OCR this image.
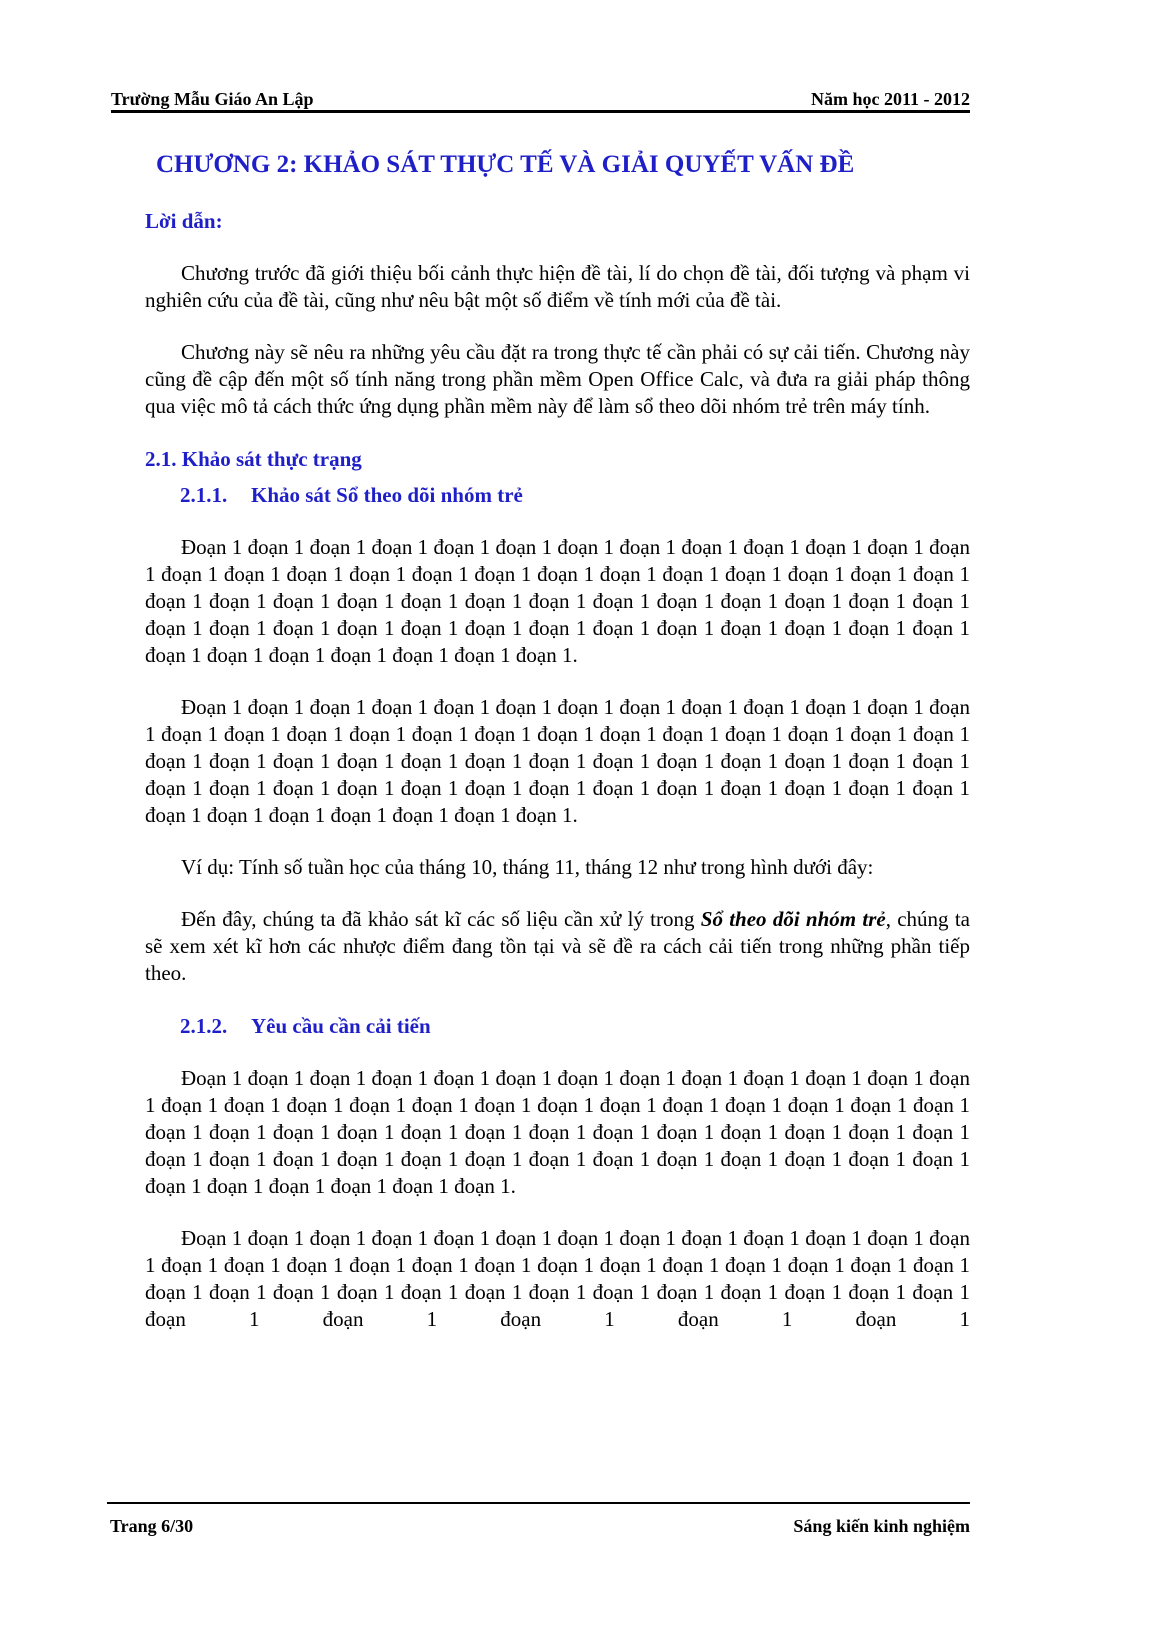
Trường Mẫu Giáo An Lập	Năm học 2011 - 2012
CHƯƠNG 2: KHẢO SÁT THỰC TẾ VÀ GIẢI QUYẾT VẤN ĐỀ
Lời dẫn:

Chương trước đã giới thiệu bối cảnh thực hiện đề tài, lí do chọn đề tài, đối tượng và phạm vi nghiên cứu của đề tài, cũng như nêu bật một số điểm về tính mới của đề tài.

Chương này sẽ nêu ra những yêu cầu đặt ra trong thực tế cần phải có sự cải tiến. Chương này cũng đề cập đến một số tính năng trong phần mềm Open Office Calc, và đưa ra giải pháp thông qua việc mô tả cách thức ứng dụng phần mềm này để làm sổ theo dõi nhóm trẻ trên máy tính.

2.1. Khảo sát thực trạng
2.1.1. Khảo sát Sổ theo dõi nhóm trẻ

Đoạn 1 đoạn 1 đoạn 1 đoạn 1 đoạn 1 đoạn 1 đoạn 1 đoạn 1 đoạn 1 đoạn 1 đoạn 1 đoạn 1 đoạn 1 đoạn 1 đoạn 1 đoạn 1 đoạn 1 đoạn 1 đoạn 1 đoạn 1 đoạn 1 đoạn 1 đoạn 1 đoạn 1 đoạn 1 đoạn 1 đoạn 1 đoạn 1 đoạn 1 đoạn 1 đoạn 1 đoạn 1 đoạn 1 đoạn 1 đoạn 1 đoạn 1 đoạn 1 đoạn 1 đoạn 1 đoạn 1 đoạn 1 đoạn 1 đoạn 1 đoạn 1 đoạn 1 đoạn 1 đoạn 1 đoạn 1 đoạn 1 đoạn 1 đoạn 1 đoạn 1 đoạn 1 đoạn 1 đoạn 1 đoạn 1 đoạn 1 đoạn 1 đoạn 1.

Đoạn 1 đoạn 1 đoạn 1 đoạn 1 đoạn 1 đoạn 1 đoạn 1 đoạn 1 đoạn 1 đoạn 1 đoạn 1 đoạn 1 đoạn 1 đoạn 1 đoạn 1 đoạn 1 đoạn 1 đoạn 1 đoạn 1 đoạn 1 đoạn 1 đoạn 1 đoạn 1 đoạn 1 đoạn 1 đoạn 1 đoạn 1 đoạn 1 đoạn 1 đoạn 1 đoạn 1 đoạn 1 đoạn 1 đoạn 1 đoạn 1 đoạn 1 đoạn 1 đoạn 1 đoạn 1 đoạn 1 đoạn 1 đoạn 1 đoạn 1 đoạn 1 đoạn 1 đoạn 1 đoạn 1 đoạn 1 đoạn 1 đoạn 1 đoạn 1 đoạn 1 đoạn 1 đoạn 1 đoạn 1 đoạn 1 đoạn 1 đoạn 1 đoạn 1.

Ví dụ: Tính số tuần học của tháng 10, tháng 11, tháng 12 như trong hình dưới đây:

Đến đây, chúng ta đã khảo sát kĩ các số liệu cần xử lý trong Sổ theo dõi nhóm trẻ, chúng ta sẽ xem xét kĩ hơn các nhược điểm đang tồn tại và sẽ đề ra cách cải tiến trong những phần tiếp theo.

2.1.2. Yêu cầu cần cải tiến

Đoạn 1 đoạn 1 đoạn 1 đoạn 1 đoạn 1 đoạn 1 đoạn 1 đoạn 1 đoạn 1 đoạn 1 đoạn 1 đoạn 1 đoạn 1 đoạn 1 đoạn 1 đoạn 1 đoạn 1 đoạn 1 đoạn 1 đoạn 1 đoạn 1 đoạn 1 đoạn 1 đoạn 1 đoạn 1 đoạn 1 đoạn 1 đoạn 1 đoạn 1 đoạn 1 đoạn 1 đoạn 1 đoạn 1 đoạn 1 đoạn 1 đoạn 1 đoạn 1 đoạn 1 đoạn 1 đoạn 1 đoạn 1 đoạn 1 đoạn 1 đoạn 1 đoạn 1 đoạn 1 đoạn 1 đoạn 1 đoạn 1 đoạn 1 đoạn 1 đoạn 1 đoạn 1 đoạn 1 đoạn 1 đoạn 1 đoạn 1 đoạn 1.

Đoạn 1 đoạn 1 đoạn 1 đoạn 1 đoạn 1 đoạn 1 đoạn 1 đoạn 1 đoạn 1 đoạn 1 đoạn 1 đoạn 1 đoạn 1 đoạn 1 đoạn 1 đoạn 1 đoạn 1 đoạn 1 đoạn 1 đoạn 1 đoạn 1 đoạn 1 đoạn 1 đoạn 1 đoạn 1 đoạn 1 đoạn 1 đoạn 1 đoạn 1 đoạn 1 đoạn 1 đoạn 1 đoạn 1 đoạn 1 đoạn 1 đoạn 1 đoạn 1 đoạn 1 đoạn 1 đoạn 1 đoạn 1 đoạn 1 đoạn 1 đoạn 1

Trang 6/30	Sáng kiến kinh nghiệm
